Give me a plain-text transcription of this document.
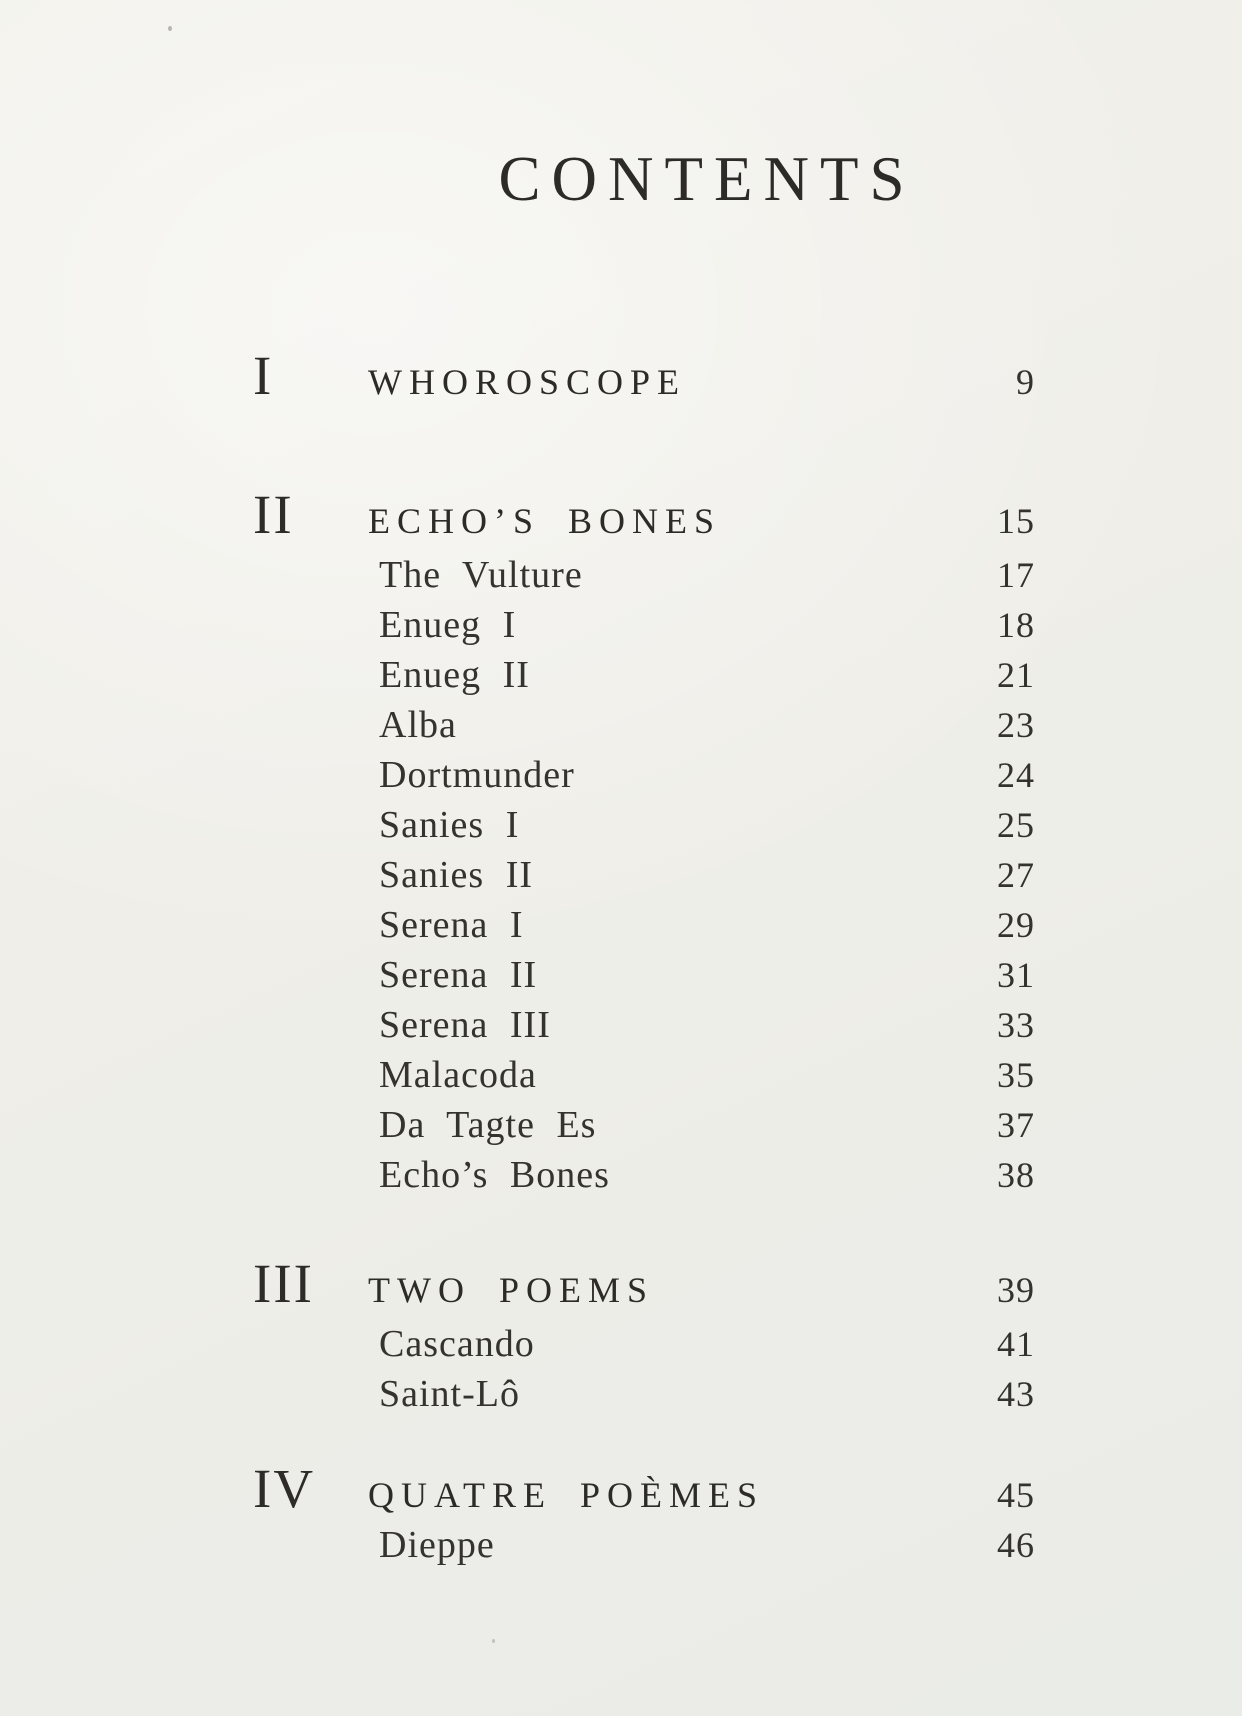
CONTENTS
I	WHOROSCOPE	9
II	ECHO’S BONES	15
The Vulture	17
Enueg I	18
Enueg II	21
Alba	23
Dortmunder	24
Sanies I	25
Sanies II	27
Serena I	29
Serena II	31
Serena III	33
Malacoda	35
Da Tagte Es	37
Echo’s Bones	38
III	TWO POEMS	39
Cascando	41
Saint-Lô	43
IV	QUATRE POÈMES	45
Dieppe	46
